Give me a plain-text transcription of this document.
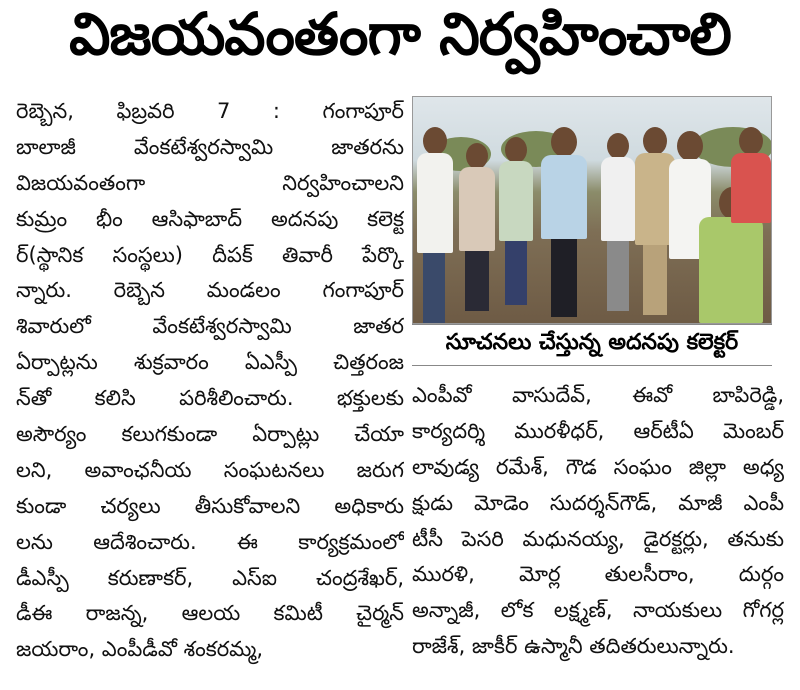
విజయవంతంగా నిర్వహించాలి
రెబ్బెన, ఫిబ్రవరి 7 : గంగాపూర్
బాలాజీ వేంకటేశ్వరస్వామి జాతరను
విజయవంతంగా నిర్వహించాలని
కుమ్రం భీం ఆసిఫాబాద్ అదనపు కలెక్ట
ర్(స్థానిక సంస్థలు) దీపక్ తివారీ పేర్కొ
న్నారు. రెబ్బెన మండలం గంగాపూర్
శివారులో వేంకటేశ్వరస్వామి జాతర
ఏర్పాట్లను శుక్రవారం ఏఎస్పీ చిత్తరంజ
న్‌తో కలిసి పరిశీలించారు. భక్తులకు
అసౌర్యం కలుగకుండా ఏర్పాట్లు చేయా
లని, అవాంఛనీయ సంఘటనలు జరుగ
కుండా చర్యలు తీసుకోవాలని అధికారు
లను ఆదేశించారు. ఈ కార్యక్రమంలో
డీఎస్పీ కరుణాకర్, ఎస్ఐ చంద్రశేఖర్,
డీఈ రాజన్న, ఆలయ కమిటీ చైర్మన్
జయరాం, ఎంపీడీవో శంకరమ్మ,
సూచనలు చేస్తున్న అదనపు కలెక్టర్
ఎంపీవో వాసుదేవ్, ఈవో బాపిరెడ్డి,
కార్యదర్శి మురళీధర్, ఆర్‌టీఏ మెంబర్
లావుడ్య రమేశ్, గౌడ సంఘం జిల్లా అధ్య
క్షుడు మోడెం సుదర్శన్‌గౌడ్, మాజీ ఎంపీ
టీసీ పెసరి మధునయ్య, డైరక్టర్లు, తనుకు
మురళి, మోర్ల తులసీరాం, దుర్గం
అన్నాజీ, లోక లక్ష్మణ్, నాయకులు గోగర్ల
రాజేశ్, జాకీర్ ఉస్మానీ తదితరులున్నారు.
